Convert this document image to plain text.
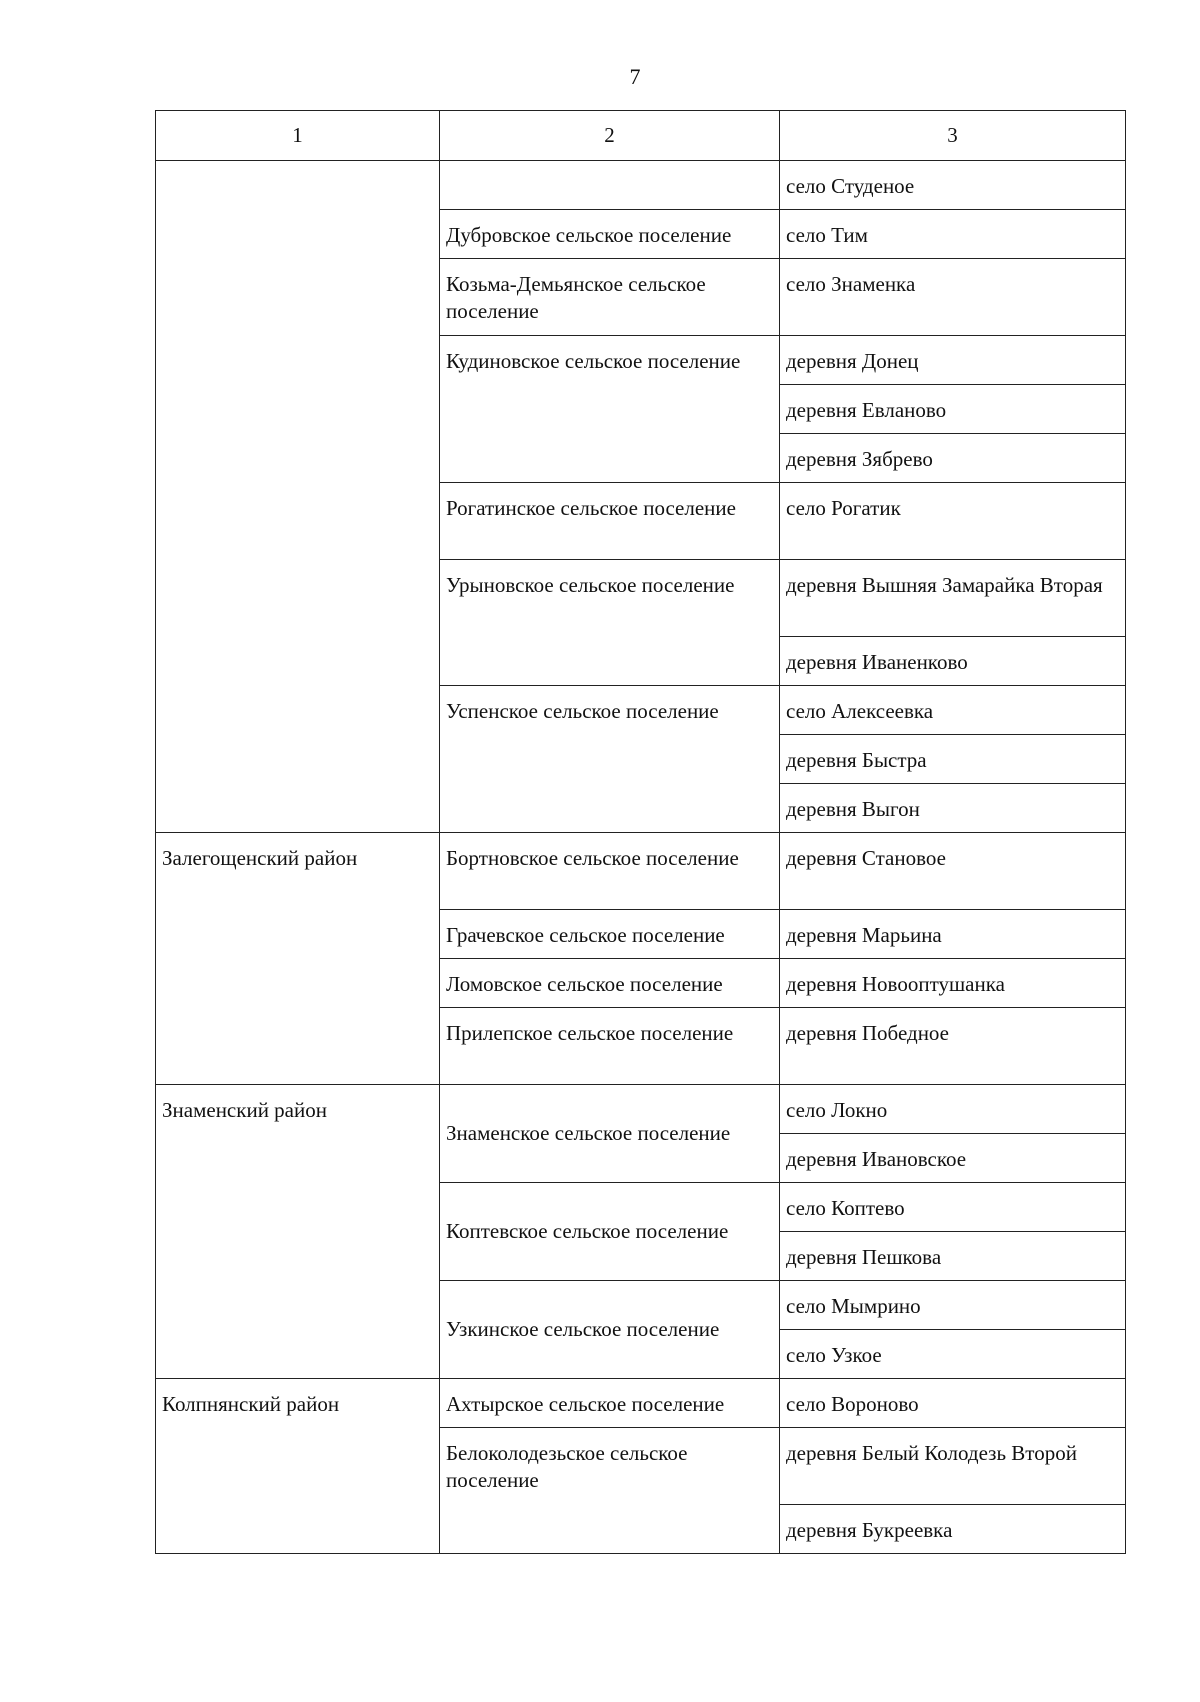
7
1	2	3
		село Студеное
	Дубровское сельское поселение	село Тим
	Козьма-Демьянское сельское поселение	село Знаменка
	Кудиновское сельское поселение	деревня Донец
		деревня Евланово
		деревня Зябрево
	Рогатинское сельское поселение	село Рогатик
	Урыновское сельское поселение	деревня Вышняя Замарайка Вторая
		деревня Иваненково
	Успенское сельское поселение	село Алексеевка
		деревня Быстра
		деревня Выгон
Залегощенский район	Бортновское сельское поселение	деревня Становое
	Грачевское сельское поселение	деревня Марьина
	Ломовское сельское поселение	деревня Новооптушанка
	Прилепское сельское поселение	деревня Победное
Знаменский район	Знаменское сельское поселение	село Локно
		деревня Ивановское
	Коптевское сельское поселение	село Коптево
		деревня Пешкова
	Узкинское сельское поселение	село Мымрино
		село Узкое
Колпнянский район	Ахтырское сельское поселение	село Вороново
	Белоколодезьское сельское поселение	деревня Белый Колодезь Второй
		деревня Букреевка
